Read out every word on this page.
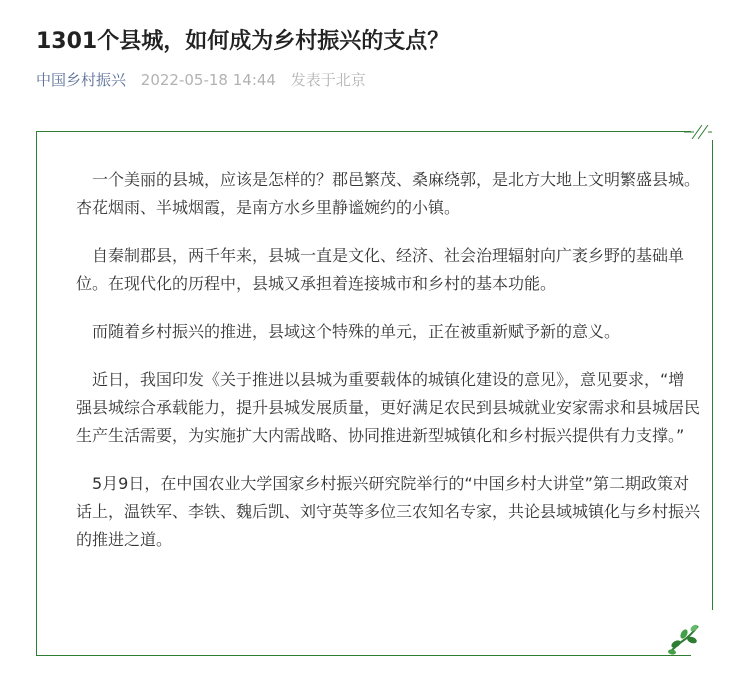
1301个县城，如何成为乡村振兴的支点？
中国乡村振兴 2022-05-18 14:44 发表于北京

　一个美丽的县城，应该是怎样的？郡邑繁茂、桑麻绕郭，是北方大地上文明繁盛县城。杏花烟雨、半城烟霞，是南方水乡里静谧婉约的小镇。

　自秦制郡县，两千年来，县城一直是文化、经济、社会治理辐射向广袤乡野的基础单位。在现代化的历程中，县城又承担着连接城市和乡村的基本功能。

　而随着乡村振兴的推进，县域这个特殊的单元，正在被重新赋予新的意义。

　近日，我国印发《关于推进以县城为重要载体的城镇化建设的意见》，意见要求，“增强县城综合承载能力，提升县城发展质量，更好满足农民到县城就业安家需求和县城居民生产生活需要，为实施扩大内需战略、协同推进新型城镇化和乡村振兴提供有力支撑。”

　5月9日，在中国农业大学国家乡村振兴研究院举行的“中国乡村大讲堂”第二期政策对话上，温铁军、李铁、魏后凯、刘守英等多位三农知名专家，共论县域城镇化与乡村振兴的推进之道。
